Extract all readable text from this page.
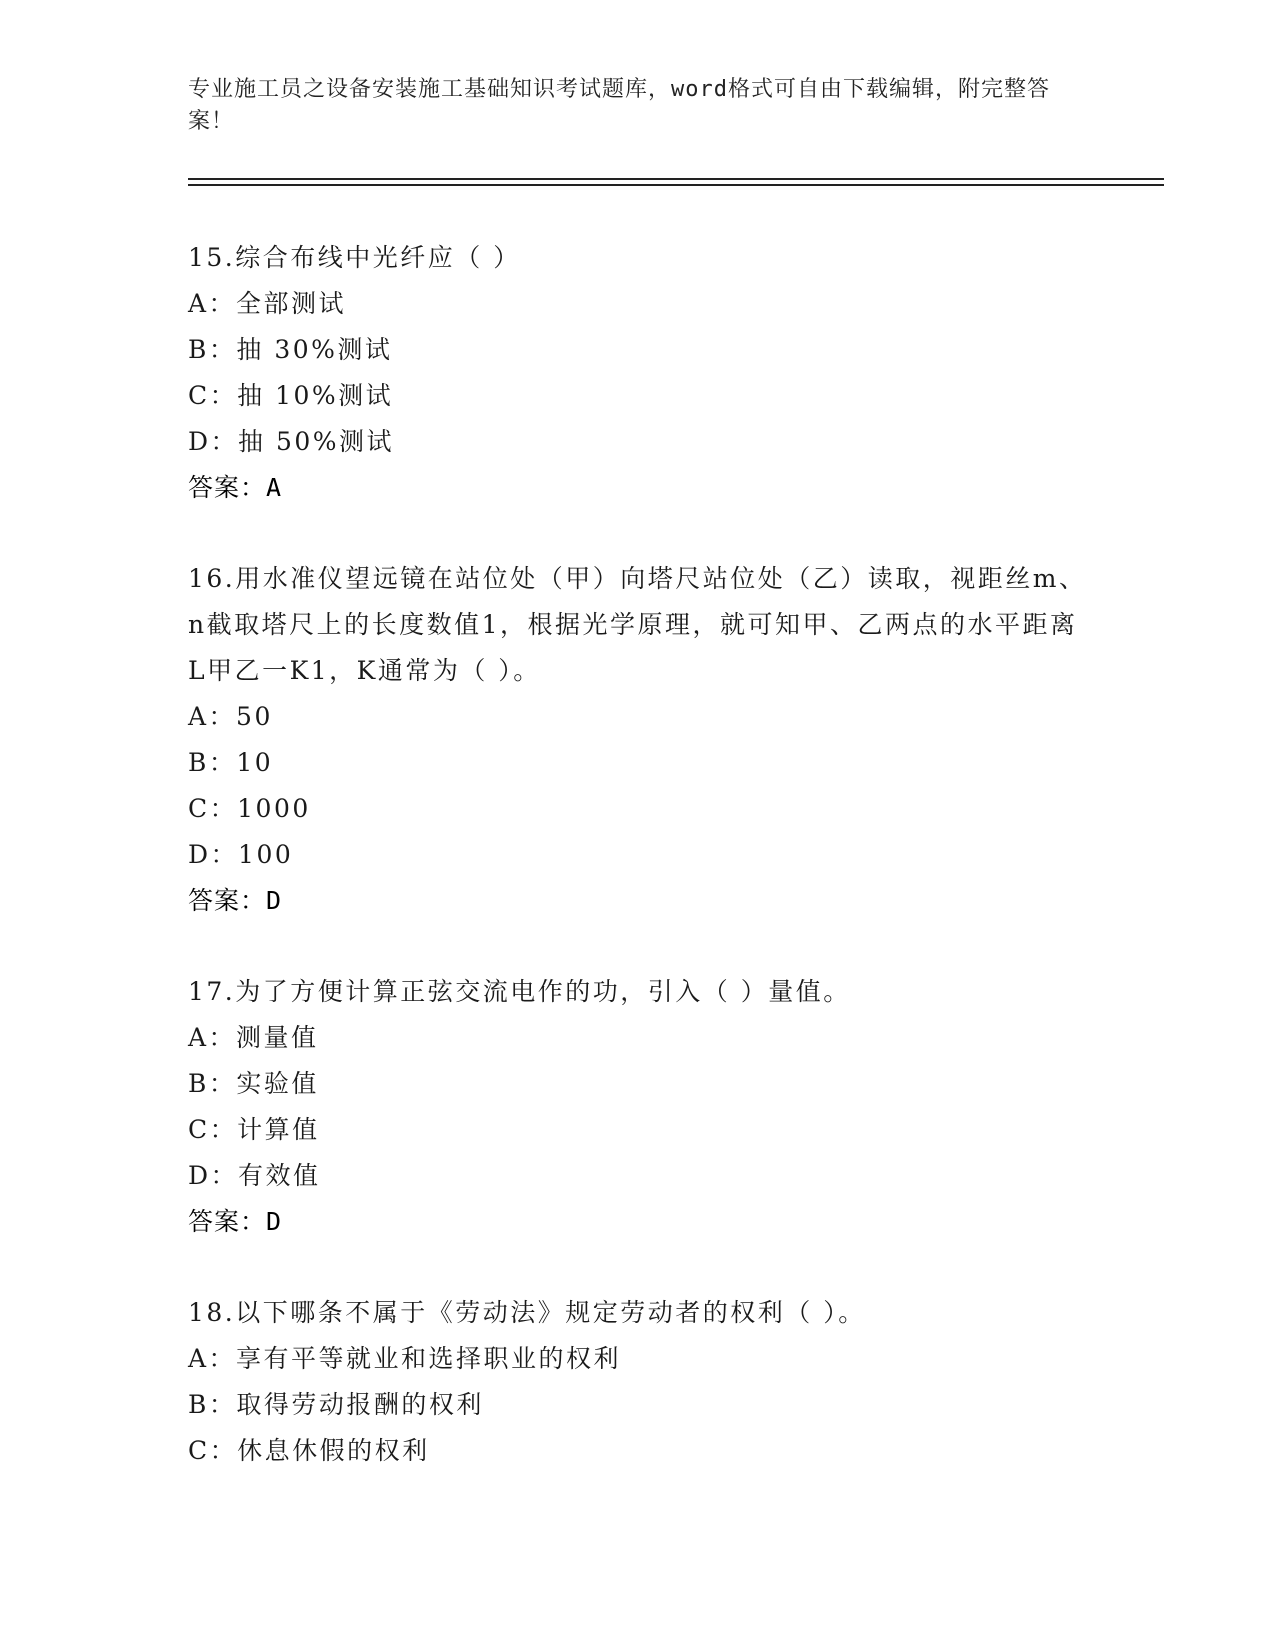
专业施工员之设备安装施工基础知识考试题库，word格式可自由下载编辑，附完整答案！
15.综合布线中光纤应（ ）
A：全部测试
B：抽 30%测试
C：抽 10%测试
D：抽 50%测试
答案：A
16.用水准仪望远镜在站位处（甲）向塔尺站位处（乙）读取，视距丝m、n截取塔尺上的长度数值1，根据光学原理，就可知甲、乙两点的水平距离L甲乙一K1，K通常为（ ）。
A：50
B：10
C：1000
D：100
答案：D
17.为了方便计算正弦交流电作的功，引入（ ）量值。
A：测量值
B：实验值
C：计算值
D：有效值
答案：D
18.以下哪条不属于《劳动法》规定劳动者的权利（ ）。
A：享有平等就业和选择职业的权利
B：取得劳动报酬的权利
C：休息休假的权利
